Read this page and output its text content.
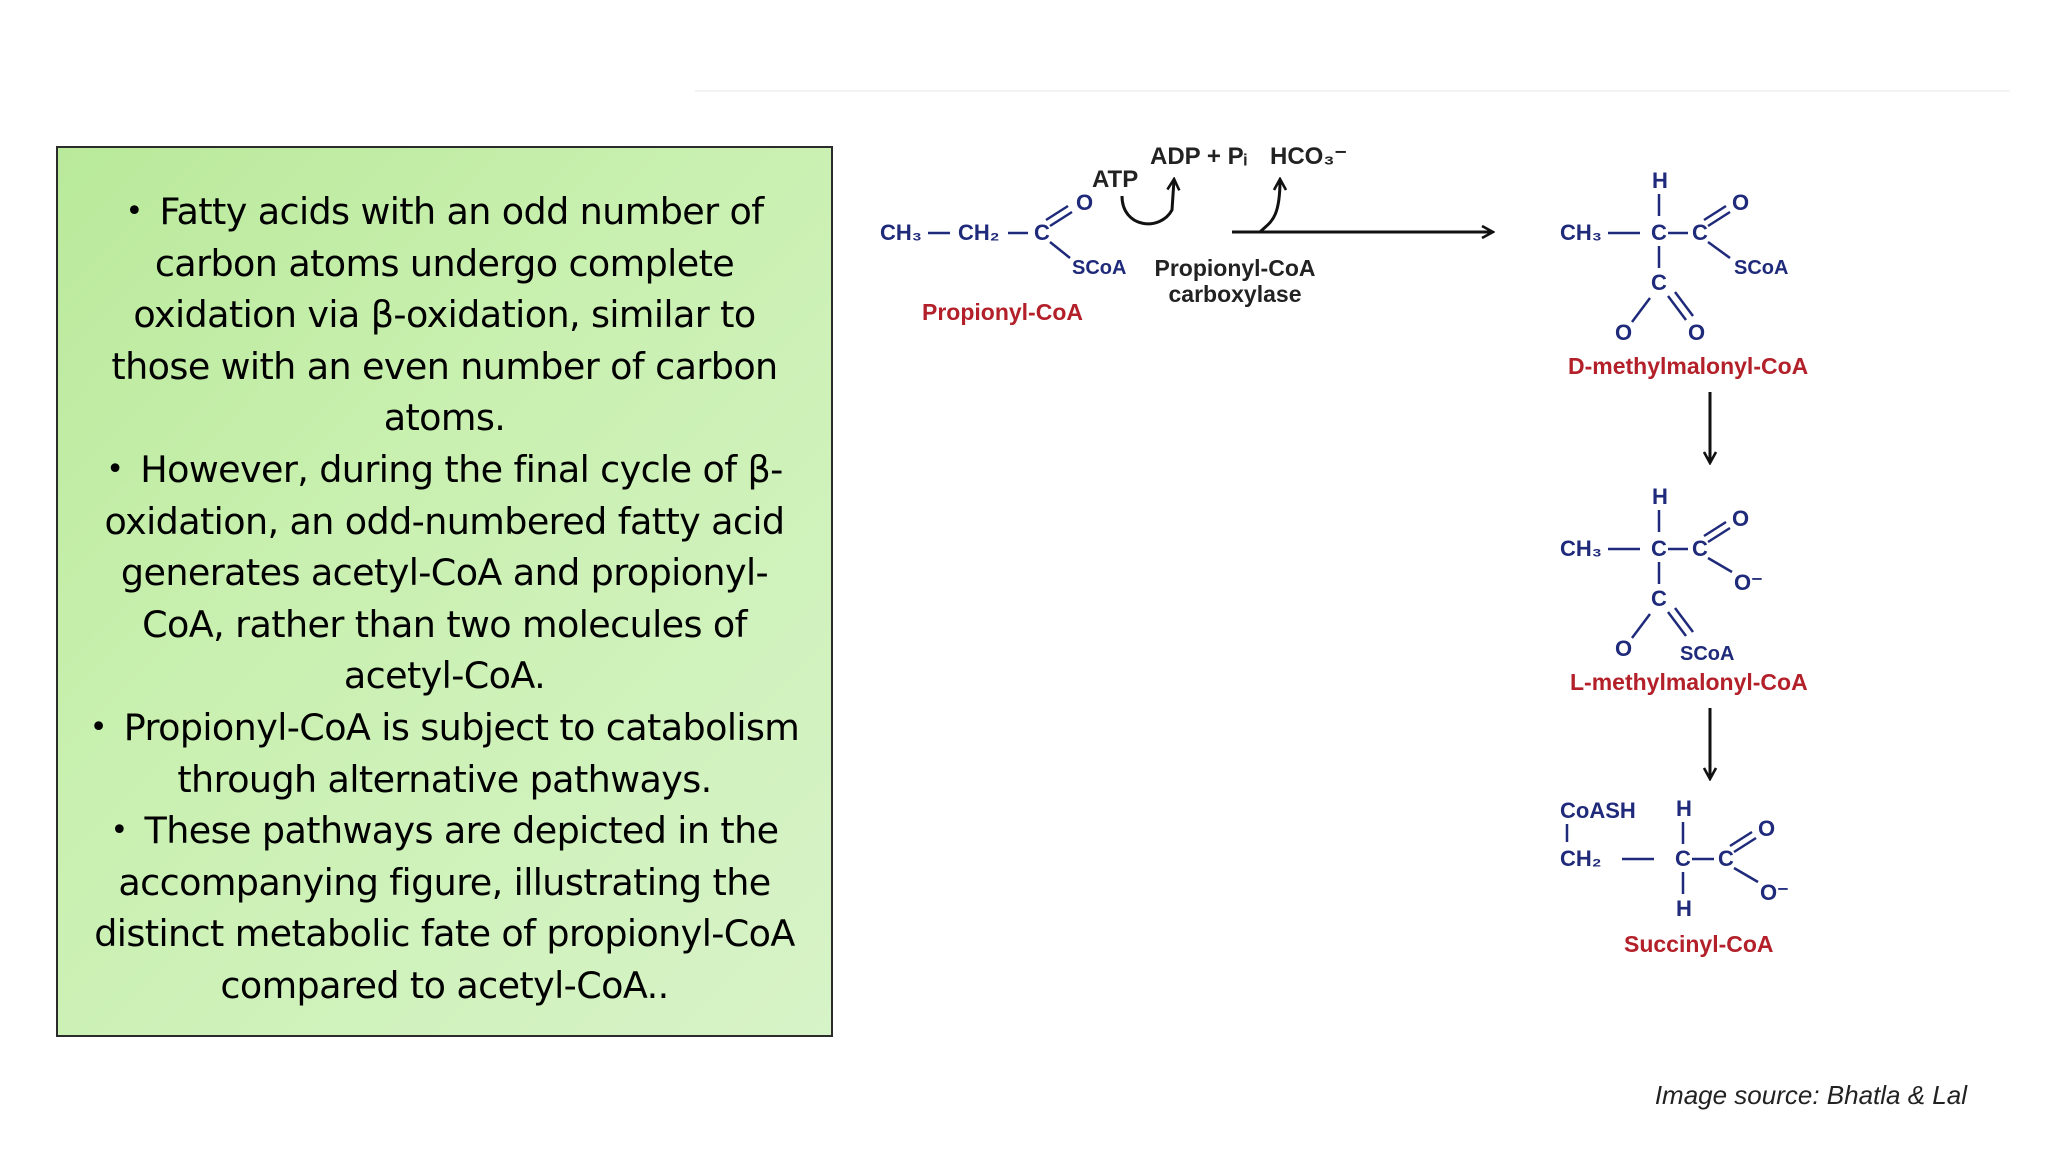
• Fatty acids with an odd number of
carbon atoms undergo complete
oxidation via β-oxidation, similar to
those with an even number of carbon
atoms.
• However, during the final cycle of β-
oxidation, an odd-numbered fatty acid
generates acetyl-CoA and propionyl-
CoA, rather than two molecules of
acetyl-CoA.
• Propionyl-CoA is subject to catabolism
through alternative pathways.
• These pathways are depicted in the
accompanying figure, illustrating the
distinct metabolic fate of propionyl-CoA
compared to acetyl-CoA..
CH₃ CH₂ C
O
SCoA
Propionyl-CoA
ATP
ADP + Pᵢ HCO₃⁻
Propionyl-CoA
carboxylase
H
CH₃ C C
O
SCoA
C
O	O
D-methylmalonyl-CoA
H
CH₃ C C
O
O⁻
C
O SCoA
L-methylmalonyl-CoA
CoASH
CH₂
H
C C
O
O⁻
H
Succinyl-CoA
Image source: Bhatla & Lal
